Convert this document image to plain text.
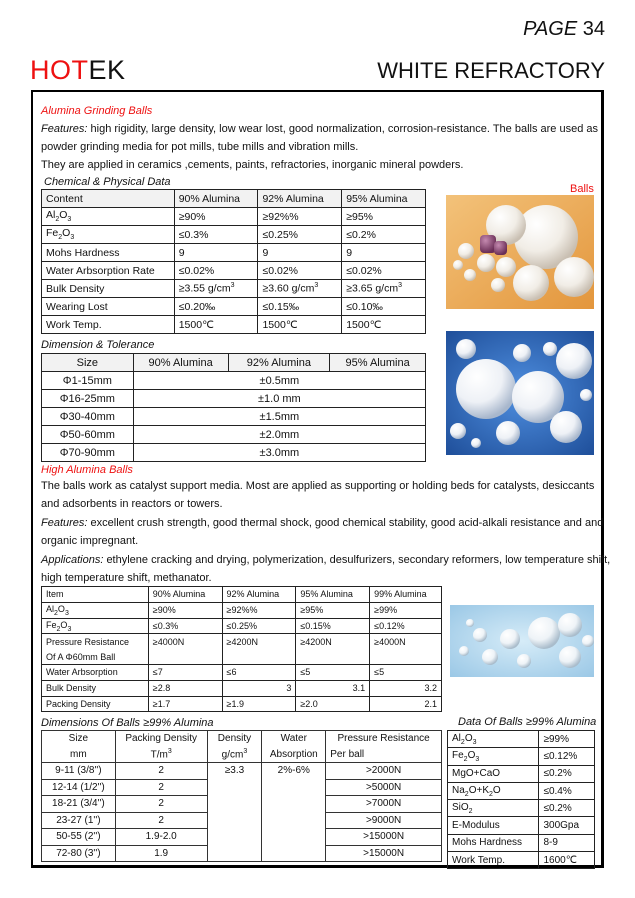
PAGE 34
HOTEK	WHITE REFRACTORY
Alumina Grinding Balls
Features: high rigidity, large density, low wear lost, good normalization, corrosion-resistance. The balls are used as
powder grinding media for pot mills, tube mills and vibration mills.
They are applied in ceramics ,cements, paints, refractories, inorganic mineral powders.
Chemical & Physical Data
Content	90% Alumina	92% Alumina	95% Alumina
$Al_2O_3$	≥90%	≥92%%	≥95%
$Fe_2O_3$	≤0.3%	≤0.25%	≤0.2%
Mohs Hardness	9	9	9
Water Arbsorption Rate	≤0.02%	≤0.02%	≤0.02%
Bulk Density	≥3.55 $g/cm^3$	≥3.60 $g/cm^3$	≥3.65 $g/cm^3$
Wearing Lost	≤0.20‰	≤0.15‰	≤0.10‰
Work Temp.	1500℃	1500℃	1500℃
Balls
Dimension & Tolerance
Size	90% Alumina	92% Alumina	95% Alumina
Φ1-15mm	±0.5mm		
Φ16-25mm	±1.0 mm		
Φ30-40mm	±1.5mm		
Φ50-60mm	±2.0mm		
Φ70-90mm	±3.0mm		
High Alumina Balls
The balls work as catalyst support media. Most are applied as supporting or holding beds for catalysts, desiccants
and adsorbents in reactors or towers.
Features: excellent crush strength, good thermal shock, good chemical stability, good acid-alkali resistance and and
organic impregnant.
Applications: ethylene cracking and drying, polymerization, desulfurizers, secondary reformers, low temperature shift,
high temperature shift, methanator.
Item	90% Alumina	92% Alumina	95% Alumina	99% Alumina
$Al_2O_3$	≥90%	≥92%%	≥95%	≥99%
$Fe_2O_3$	≤0.3%	≤0.25%	≤0.15%	≤0.12%
Pressure Resistance	≥4000N	≥4200N	≥4200N	≥4000N
Of A Φ60mm Ball				
Water Arbsorption	≤7	≤6	≤5	≤5
Bulk Density	≥2.8	3	3.1	3.2
Packing Density	≥1.7	≥1.9	≥2.0	2.1
Dimensions Of Balls ≥99% Alumina
Size	Packing Density	Density	Water	Pressure Resistance
mm	$T/m^3$	$g/cm^3$	Absorption	Per ball
9-11 (3/8'')	2	≥3.3	2%-6%	>2000N
12-14 (1/2'')	2			>5000N
18-21 (3/4'')	2			>7000N
23-27 (1'')	2			>9000N
50-55 (2'')	1.9-2.0			>15000N
72-80 (3'')	1.9			>15000N
Data Of Balls ≥99% Alumina
$Al_2O_3$	≥99%
$Fe_2O_3$	≤0.12%
MgO+CaO	≤0.2%
$Na_2O+K_2O$	≤0.4%
SiO$_2$	≤0.2%
E-Modulus	300Gpa
Mohs Hardness	8-9
Work Temp.	1600℃
